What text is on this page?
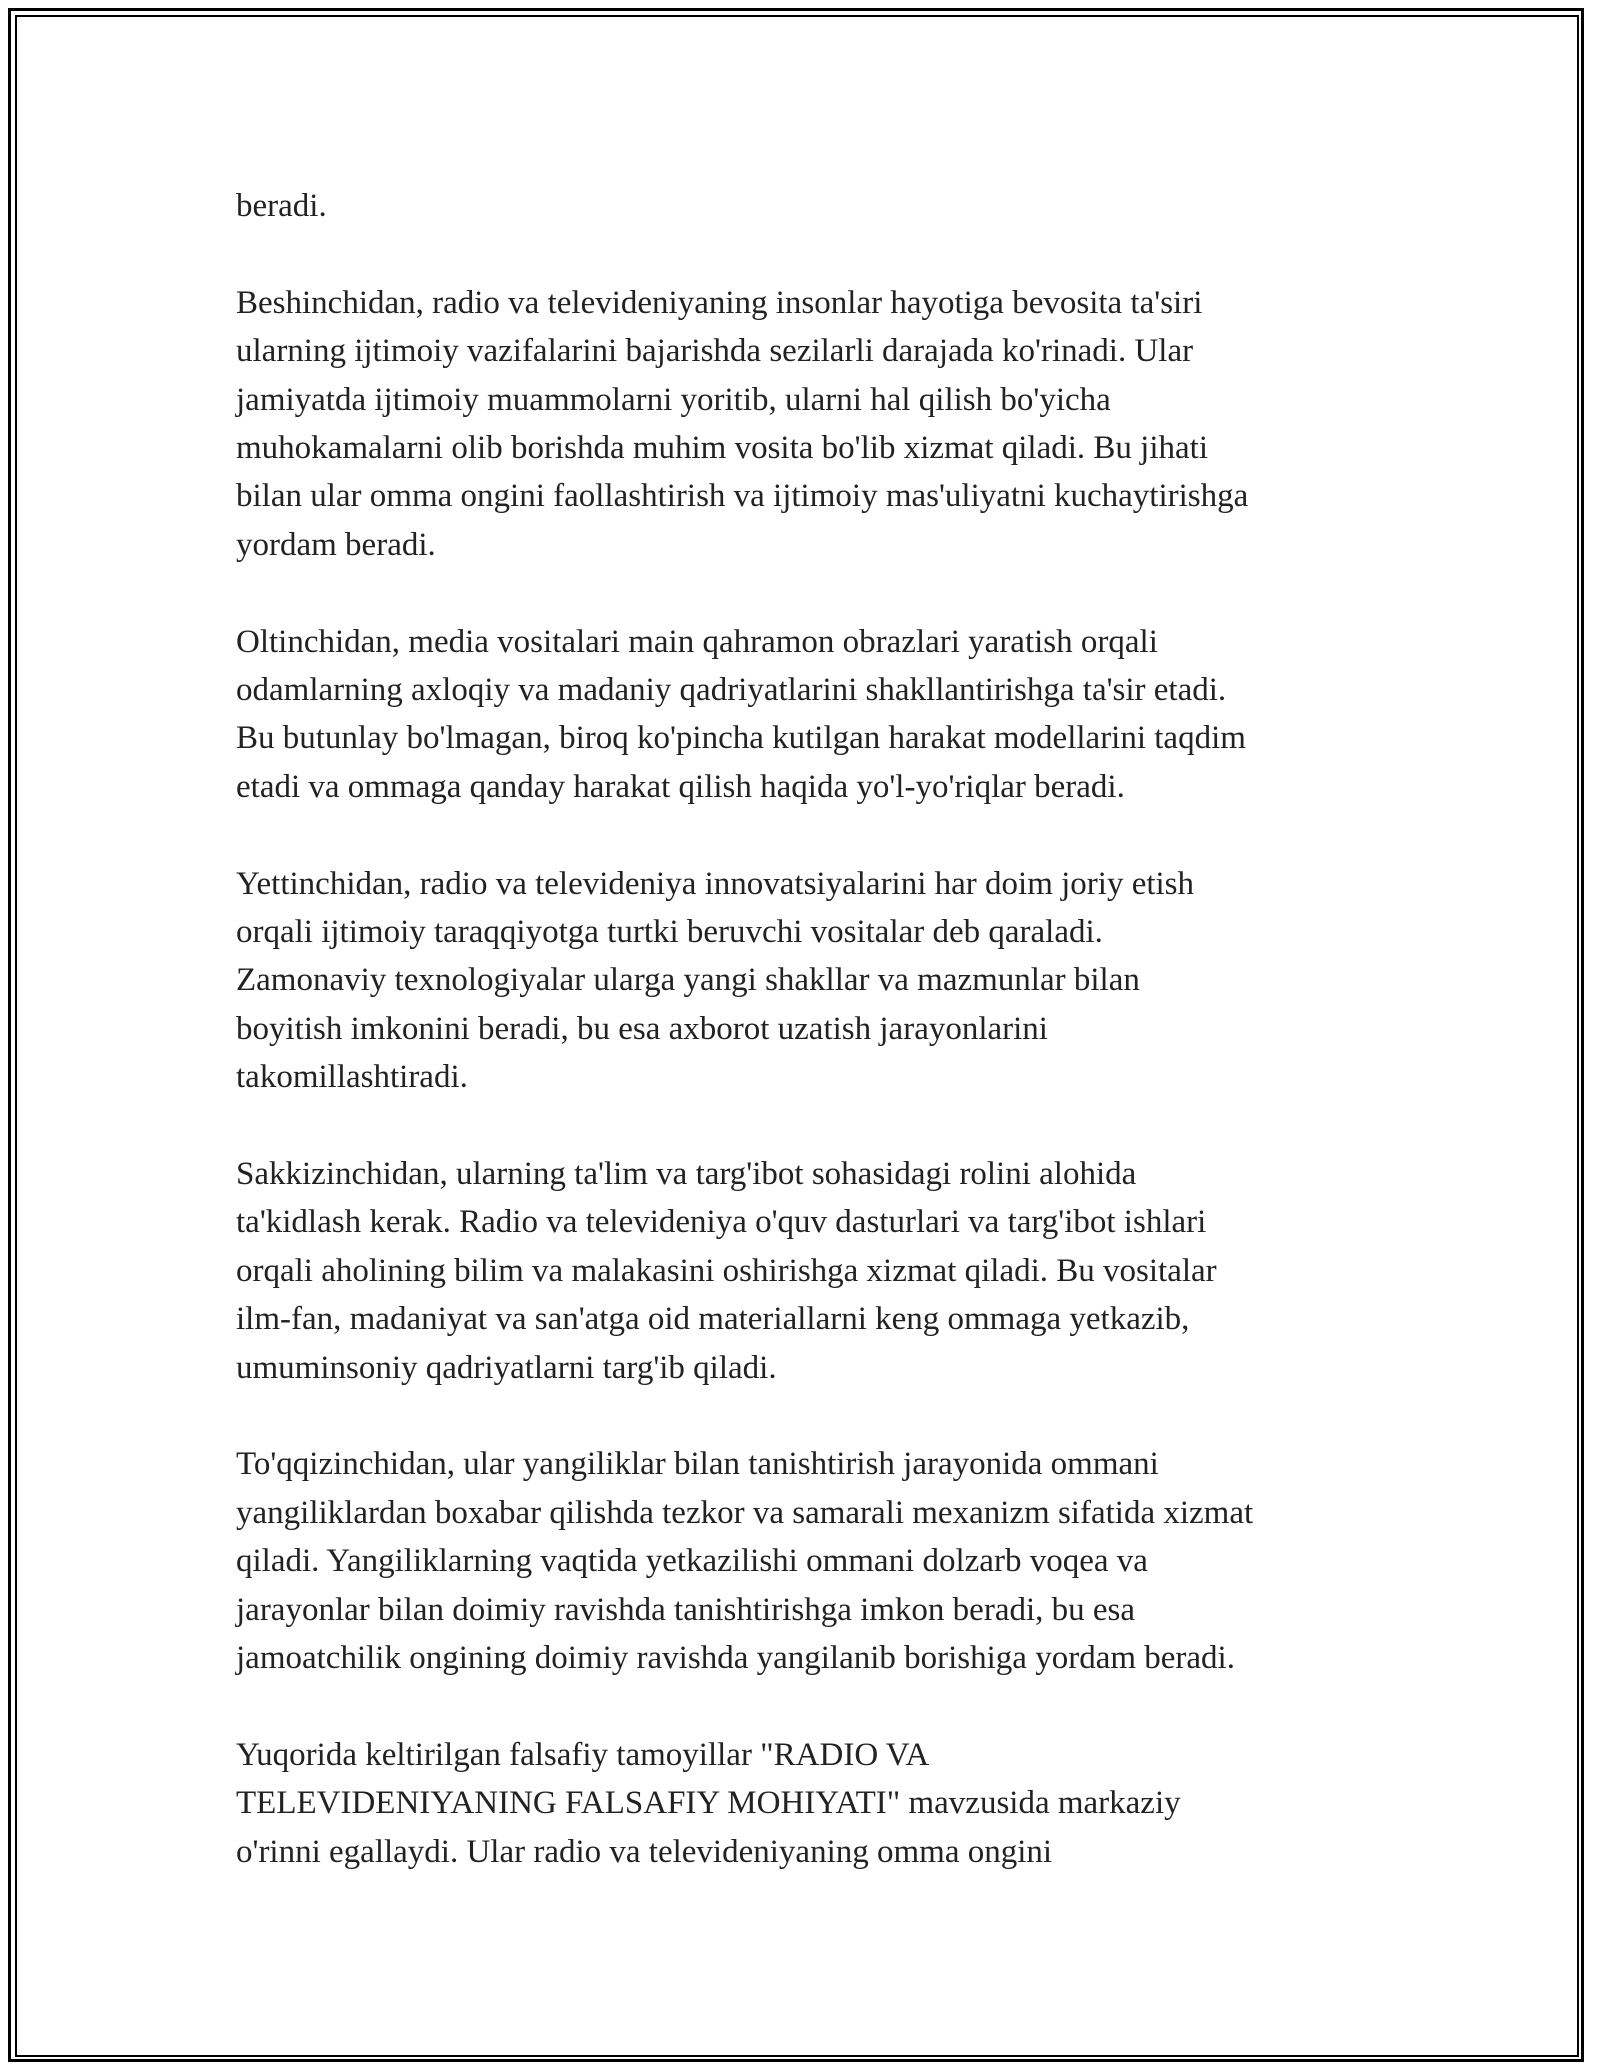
beradi.

Beshinchidan, radio va televideniyaning insonlar hayotiga bevosita ta'siri
ularning ijtimoiy vazifalarini bajarishda sezilarli darajada ko'rinadi. Ular
jamiyatda ijtimoiy muammolarni yoritib, ularni hal qilish bo'yicha
muhokamalarni olib borishda muhim vosita bo'lib xizmat qiladi. Bu jihati
bilan ular omma ongini faollashtirish va ijtimoiy mas'uliyatni kuchaytirishga
yordam beradi.

Oltinchidan, media vositalari main qahramon obrazlari yaratish orqali
odamlarning axloqiy va madaniy qadriyatlarini shakllantirishga ta'sir etadi.
Bu butunlay bo'lmagan, biroq ko'pincha kutilgan harakat modellarini taqdim
etadi va ommaga qanday harakat qilish haqida yo'l-yo'riqlar beradi.

Yettinchidan, radio va televideniya innovatsiyalarini har doim joriy etish
orqali ijtimoiy taraqqiyotga turtki beruvchi vositalar deb qaraladi.
Zamonaviy texnologiyalar ularga yangi shakllar va mazmunlar bilan
boyitish imkonini beradi, bu esa axborot uzatish jarayonlarini
takomillashtiradi.

Sakkizinchidan, ularning ta'lim va targ'ibot sohasidagi rolini alohida
ta'kidlash kerak. Radio va televideniya o'quv dasturlari va targ'ibot ishlari
orqali aholining bilim va malakasini oshirishga xizmat qiladi. Bu vositalar
ilm-fan, madaniyat va san'atga oid materiallarni keng ommaga yetkazib,
umuminsoniy qadriyatlarni targ'ib qiladi.

To'qqizinchidan, ular yangiliklar bilan tanishtirish jarayonida ommani
yangiliklardan boxabar qilishda tezkor va samarali mexanizm sifatida xizmat
qiladi. Yangiliklarning vaqtida yetkazilishi ommani dolzarb voqea va
jarayonlar bilan doimiy ravishda tanishtirishga imkon beradi, bu esa
jamoatchilik ongining doimiy ravishda yangilanib borishiga yordam beradi.

Yuqorida keltirilgan falsafiy tamoyillar "RADIO VA
TELEVIDENIYANING FALSAFIY MOHIYATI" mavzusida markaziy
o'rinni egallaydi. Ular radio va televideniyaning omma ongini
